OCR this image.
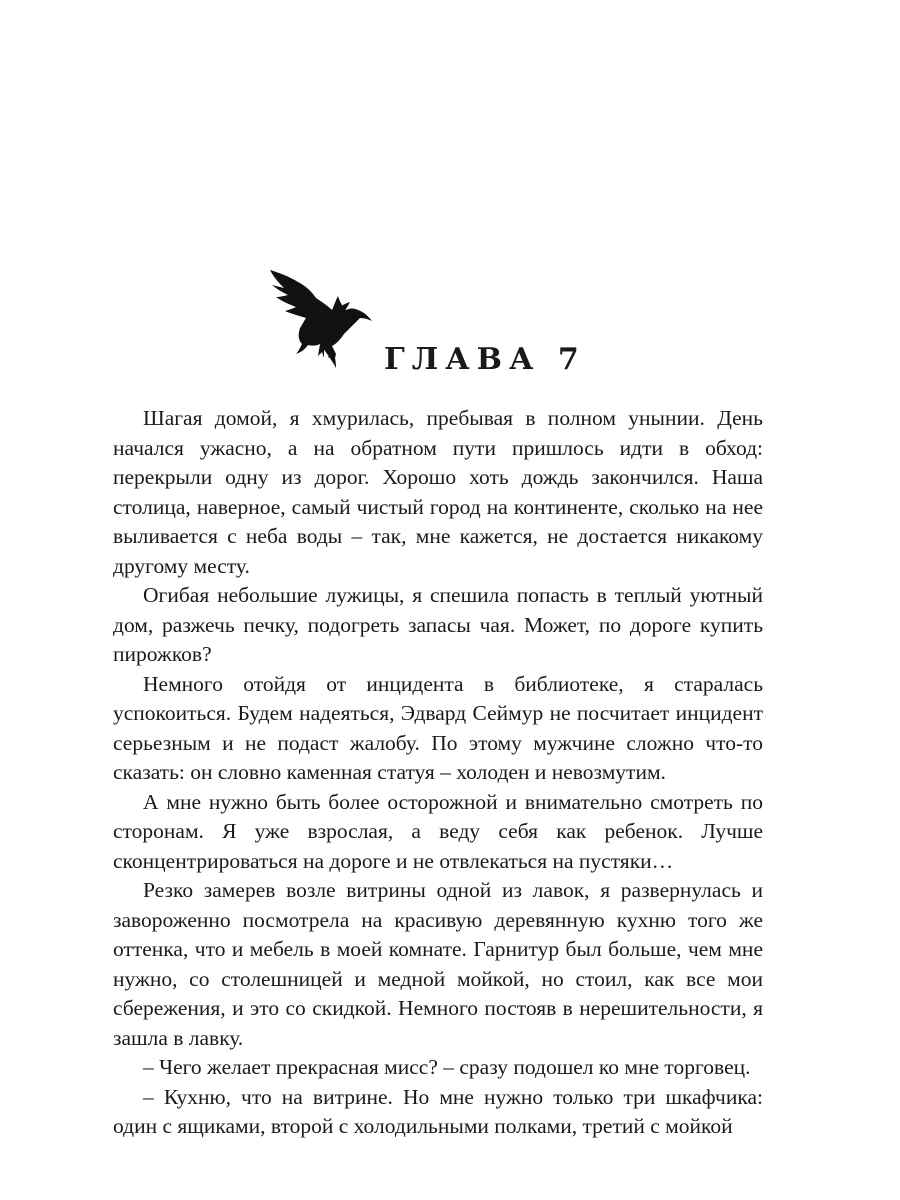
ГЛАВА 7

Шагая домой, я хмурилась, пребывая в полном унынии. День начался ужасно, а на обратном пути пришлось идти в обход: перекрыли одну из дорог. Хорошо хоть дождь закончился. Наша столица, наверное, самый чистый город на континенте, сколько на нее выливается с неба воды – так, мне кажется, не достается никакому другому месту.

Огибая небольшие лужицы, я спешила попасть в теплый уютный дом, разжечь печку, подогреть запасы чая. Может, по дороге купить пирожков?

Немного отойдя от инцидента в библиотеке, я старалась успокоиться. Будем надеяться, Эдвард Сеймур не посчитает инцидент серьезным и не подаст жалобу. По этому мужчине сложно что-то сказать: он словно каменная статуя – холоден и невозмутим.

А мне нужно быть более осторожной и внимательно смотреть по сторонам. Я уже взрослая, а веду себя как ребенок. Лучше сконцентрироваться на дороге и не отвлекаться на пустяки…

Резко замерев возле витрины одной из лавок, я развернулась и завороженно посмотрела на красивую деревянную кухню того же оттенка, что и мебель в моей комнате. Гарнитур был больше, чем мне нужно, со столешницей и медной мойкой, но стоил, как все мои сбережения, и это со скидкой. Немного постояв в нерешительности, я зашла в лавку.

– Чего желает прекрасная мисс? – сразу подошел ко мне торговец.

– Кухню, что на витрине. Но мне нужно только три шкафчика: один с ящиками, второй с холодильными полками, третий с мойкой
